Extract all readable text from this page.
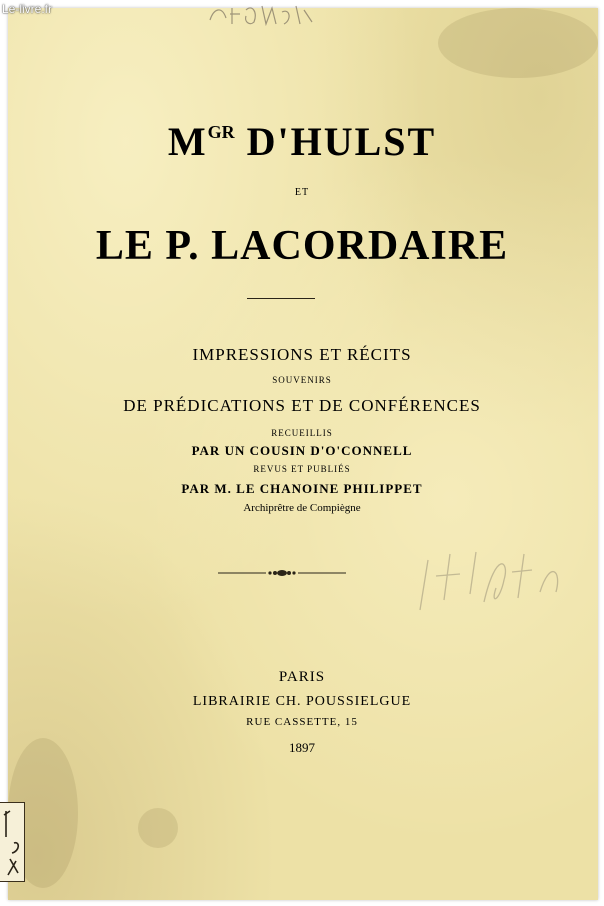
Le-livre.fr
$M^{GR}$ D'HULST
ET
LE P. LACORDAIRE
IMPRESSIONS ET RÉCITS
SOUVENIRS
DE PRÉDICATIONS ET DE CONFÉRENCES
RECUEILLIS
PAR UN COUSIN D'O'CONNELL
REVUS ET PUBLIÉS
PAR M. LE CHANOINE PHILIPPET
Archiprêtre de Compiègne
PARIS
LIBRAIRIE CH. POUSSIELGUE
RUE CASSETTE, 15
1897
